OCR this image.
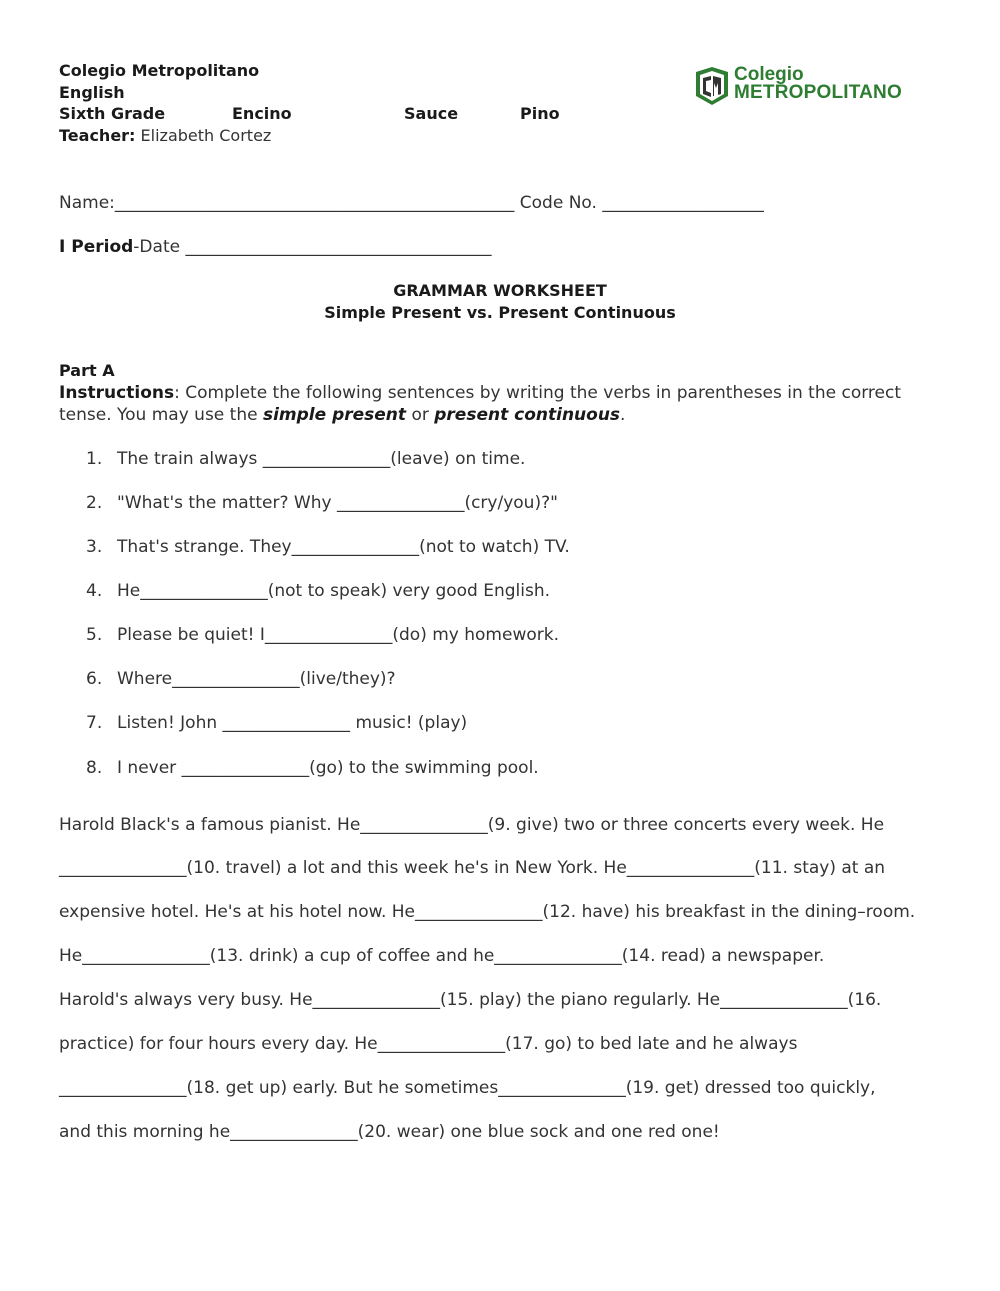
Colegio Metropolitano
English
Sixth Grade	Encino	Sauce	Pino
Teacher: Elizabeth Cortez
Colegio
METROPOLITANO
Name:_______________________________________________ Code No. ___________________
I Period-Date ____________________________________
GRAMMAR WORKSHEET
Simple Present vs. Present Continuous
Part A
Instructions: Complete the following sentences by writing the verbs in parentheses in the correct
tense. You may use the simple present or present continuous.
1. The train always _______________(leave) on time.
2. "What's the matter? Why _______________(cry/you)?"
3. That's strange. They_______________(not to watch) TV.
4. He_______________(not to speak) very good English.
5. Please be quiet! I_______________(do) my homework.
6. Where_______________(live/they)?
7. Listen! John _______________ music! (play)
8. I never _______________(go) to the swimming pool.
Harold Black's a famous pianist. He_______________(9. give) two or three concerts every week. He
_______________(10. travel) a lot and this week he's in New York. He_______________(11. stay) at an
expensive hotel. He's at his hotel now. He_______________(12. have) his breakfast in the dining–room.
He_______________(13. drink) a cup of coffee and he_______________(14. read) a newspaper.
Harold's always very busy. He_______________(15. play) the piano regularly. He_______________(16.
practice) for four hours every day. He_______________(17. go) to bed late and he always
_______________(18. get up) early. But he sometimes_______________(19. get) dressed too quickly,
and this morning he_______________(20. wear) one blue sock and one red one!
